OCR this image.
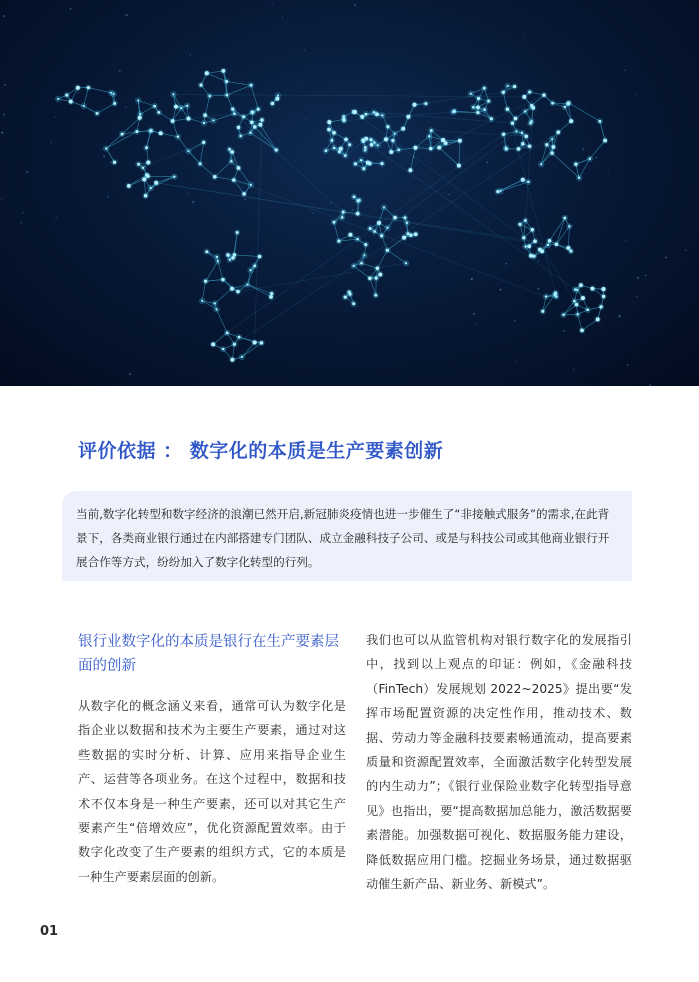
评价依据 ： 数字化的本质是生产要素创新

当前,数字化转型和数字经济的浪潮已然开启,新冠肺炎疫情也进一步催生了“非接触式服务”的需求,在此背景下，各类商业银行通过在内部搭建专门团队、成立金融科技子公司、或是与科技公司或其他商业银行开展合作等方式，纷纷加入了数字化转型的行列。

银行业数字化的本质是银行在生产要素层面的创新

从数字化的概念涵义来看，通常可认为数字化是指企业以数据和技术为主要生产要素，通过对这些数据的实时分析、计算、应用来指导企业生产、运营等各项业务。在这个过程中，数据和技术不仅本身是一种生产要素，还可以对其它生产要素产生“倍增效应”，优化资源配置效率。由于数字化改变了生产要素的组织方式，它的本质是一种生产要素层面的创新。

我们也可以从监管机构对银行数字化的发展指引中，找到以上观点的印证：例如，《金融科技（FinTech）发展规划 2022~2025》提出要“发挥市场配置资源的决定性作用，推动技术、数据、劳动力等金融科技要素畅通流动，提高要素质量和资源配置效率，全面激活数字化转型发展的内生动力”；《银行业保险业数字化转型指导意见》也指出，要“提高数据加总能力，激活数据要素潜能。加强数据可视化、数据服务能力建设，降低数据应用门槛。挖掘业务场景，通过数据驱动催生新产品、新业务、新模式”。

01
